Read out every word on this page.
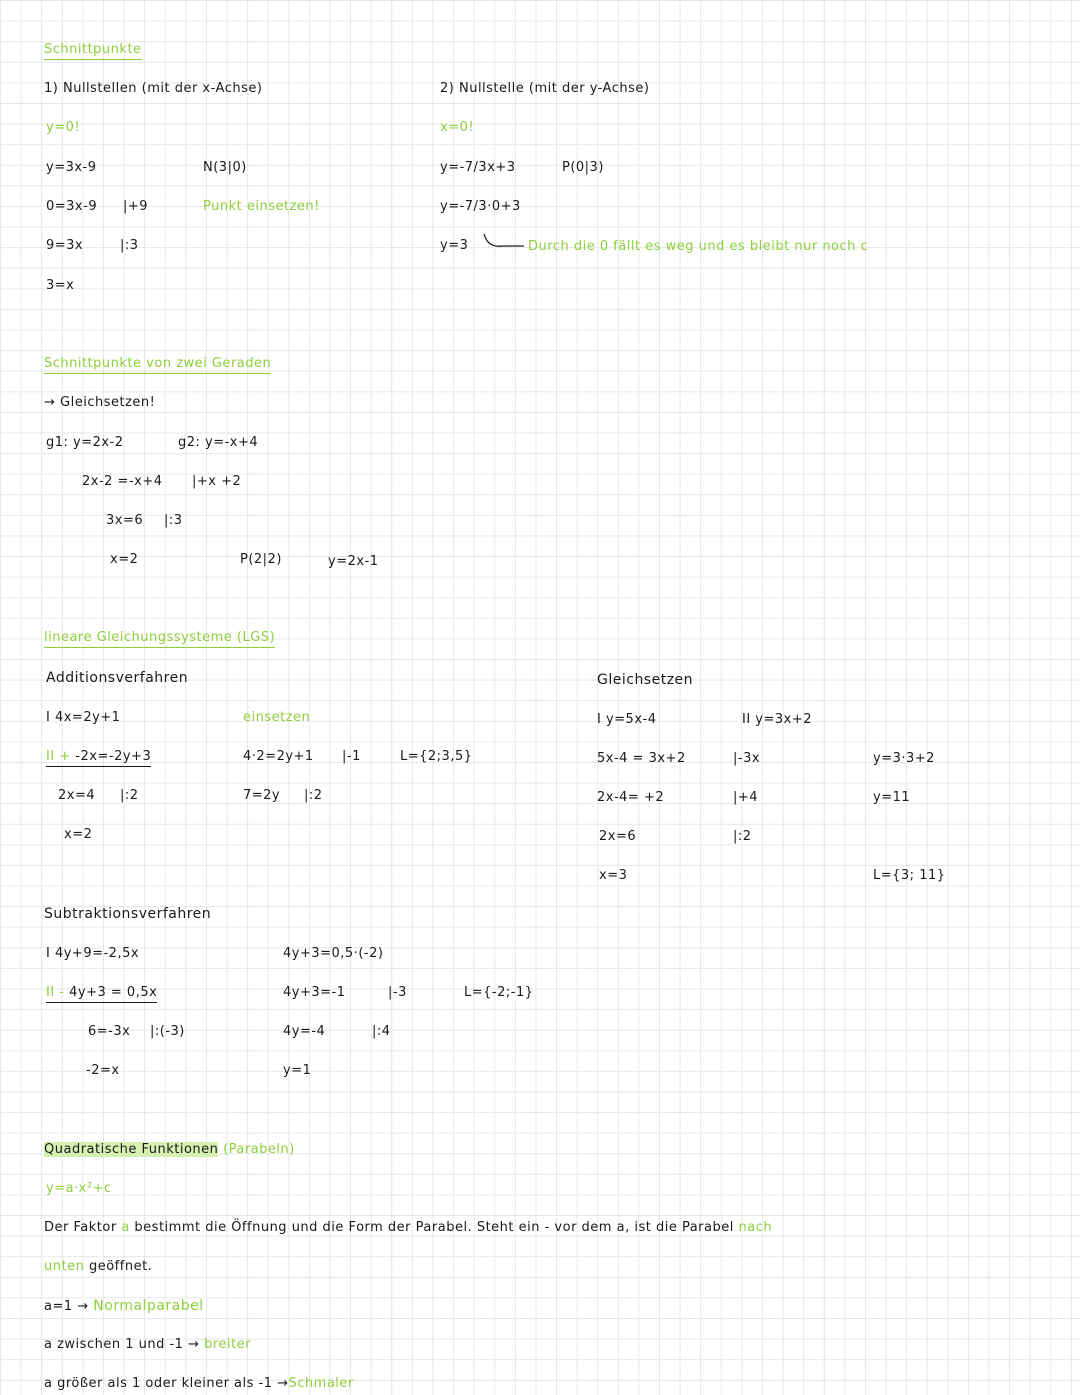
Schnittpunkte
1) Nullstellen (mit der x-Achse)
y=0!
y=3x-9	N(3|0)
0=3x-9 |+9	Punkt einsetzen!
9=3x	|:3
3=x
2) Nullstelle (mit der y-Achse)
x=0!
y=-7/3x+3	P(0|3)
y=-7/3·0+3
y=3	Durch die 0 fällt es weg und es bleibt nur noch c
Schnittpunkte von zwei Geraden
→ Gleichsetzen!
g1: y=2x-2	g2: y=-x+4
2x-2 =-x+4 |+x +2
3x=6 |:3
x=2	P(2|2)	y=2x-1
lineare Gleichungssysteme (LGS)
Additionsverfahren
I 4x=2y+1
II + -2x=-2y+3
2x=4 |:2
x=2
einsetzen
4·2=2y+1 |-1
7=2y |:2
L={2;3,5}
Gleichsetzen
I y=5x-4	II y=3x+2
5x-4 = 3x+2	|-3x
2x-4= +2	|+4
2x=6	|:2
x=3
y=3·3+2
y=11
L={3; 11}
Subtraktionsverfahren
I 4y+9=-2,5x
II - 4y+3 = 0,5x
6=-3x |:(-3)
-2=x
4y+3=0,5·(-2)
4y+3=-1	|-3
4y=-4	|:4
y=1
L={-2;-1}
Quadratische Funktionen (Parabeln)
y=a·x²+c
Der Faktor a bestimmt die Öffnung und die Form der Parabel. Steht ein - vor dem a, ist die Parabel nach
unten geöffnet.
a=1 → Normalparabel
a zwischen 1 und -1 → breiter
a größer als 1 oder kleiner als -1 →Schmaler
